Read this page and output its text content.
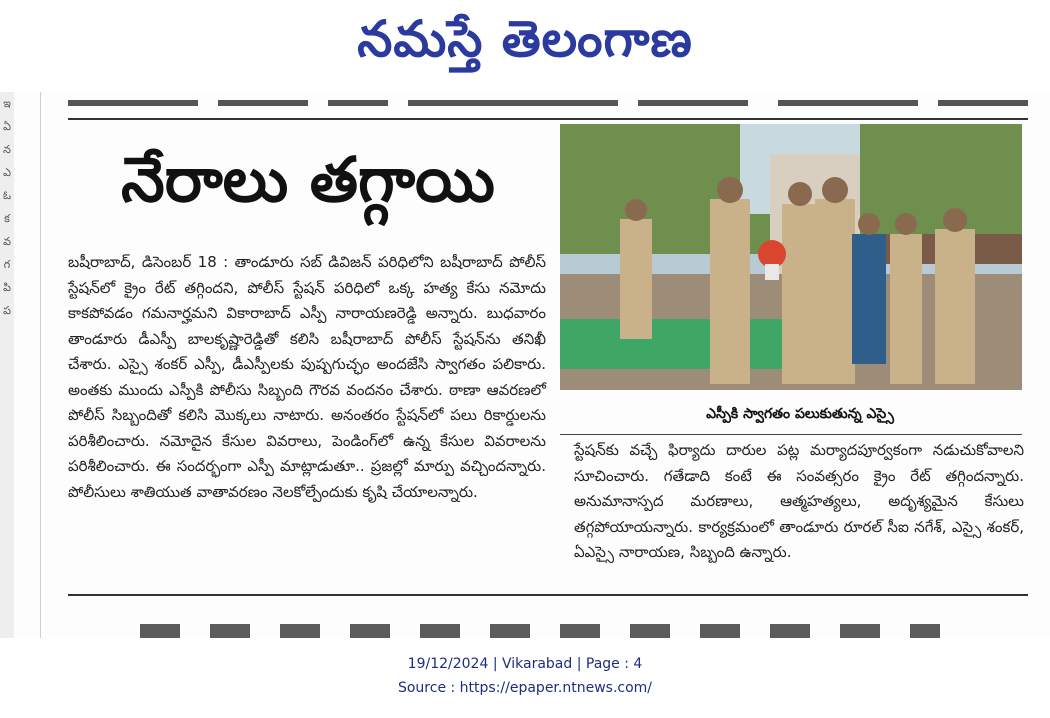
నమస్తే తెలంగాణ
ఇ
ఏ
న
ఎ
ఓ
క
వ
గ
పి
ప
నేరాలు తగ్గాయి
బషీరాబాద్, డిసెంబర్ 18 : తాండూరు సబ్ డివిజన్ పరిధిలోని బషీరాబాద్ పోలీస్ స్టేషన్‌లో క్రైం రేట్ తగ్గిందని, పోలీస్ స్టేషన్ పరిధిలో ఒక్క హత్య కేసు నమోదు కాకపోవడం గమనార్హమని వికారాబాద్ ఎస్పీ నారాయణరెడ్డి అన్నారు. బుధవారం తాండూరు డీఎస్పీ బాలకృష్ణారెడ్డితో కలిసి బషీరాబాద్ పోలీస్ స్టేషన్‌ను తనిఖీ చేశారు. ఎస్సై శంకర్ ఎస్పీ, డీఎస్పీలకు పుష్పగుచ్ఛం అందజేసి స్వాగతం పలికారు. అంతకు ముందు ఎస్పీకి పోలీసు సిబ్బంది గౌరవ వందనం చేశారు. ఠాణా ఆవరణలో పోలీస్ సిబ్బందితో కలిసి మొక్కలు నాటారు. అనంతరం స్టేషన్‌లో పలు రికార్డులను పరిశీలించారు. నమోదైన కేసుల వివరాలు, పెండింగ్‌లో ఉన్న కేసుల వివరాలను పరిశీలించారు. ఈ సందర్భంగా ఎస్పీ మాట్లాడుతూ.. ప్రజల్లో మార్పు వచ్చిందన్నారు. పోలీసులు శాతియుత వాతావరణం నెలకోల్పేందుకు కృషి చేయాలన్నారు.
ఎస్పీకి స్వాగతం పలుకుతున్న ఎస్సై
స్టేషన్‌కు వచ్చే ఫిర్యాదు దారుల పట్ల మర్యాదపూర్వకంగా నడుచుకోవాలని సూచించారు. గతేడాది కంటే ఈ సంవత్సరం క్రైం రేట్ తగ్గిందన్నారు. అనుమానాస్పద మరణాలు, ఆత్మహత్యలు, అదృశ్యమైన కేసులు తగ్గపోయాయన్నారు. కార్యక్రమంలో తాండూరు రూరల్ సీఐ నగేశ్, ఎస్సై శంకర్, ఏఎస్సై నారాయణ, సిబ్బంది ఉన్నారు.
19/12/2024 | Vikarabad | Page : 4
Source : https://epaper.ntnews.com/
